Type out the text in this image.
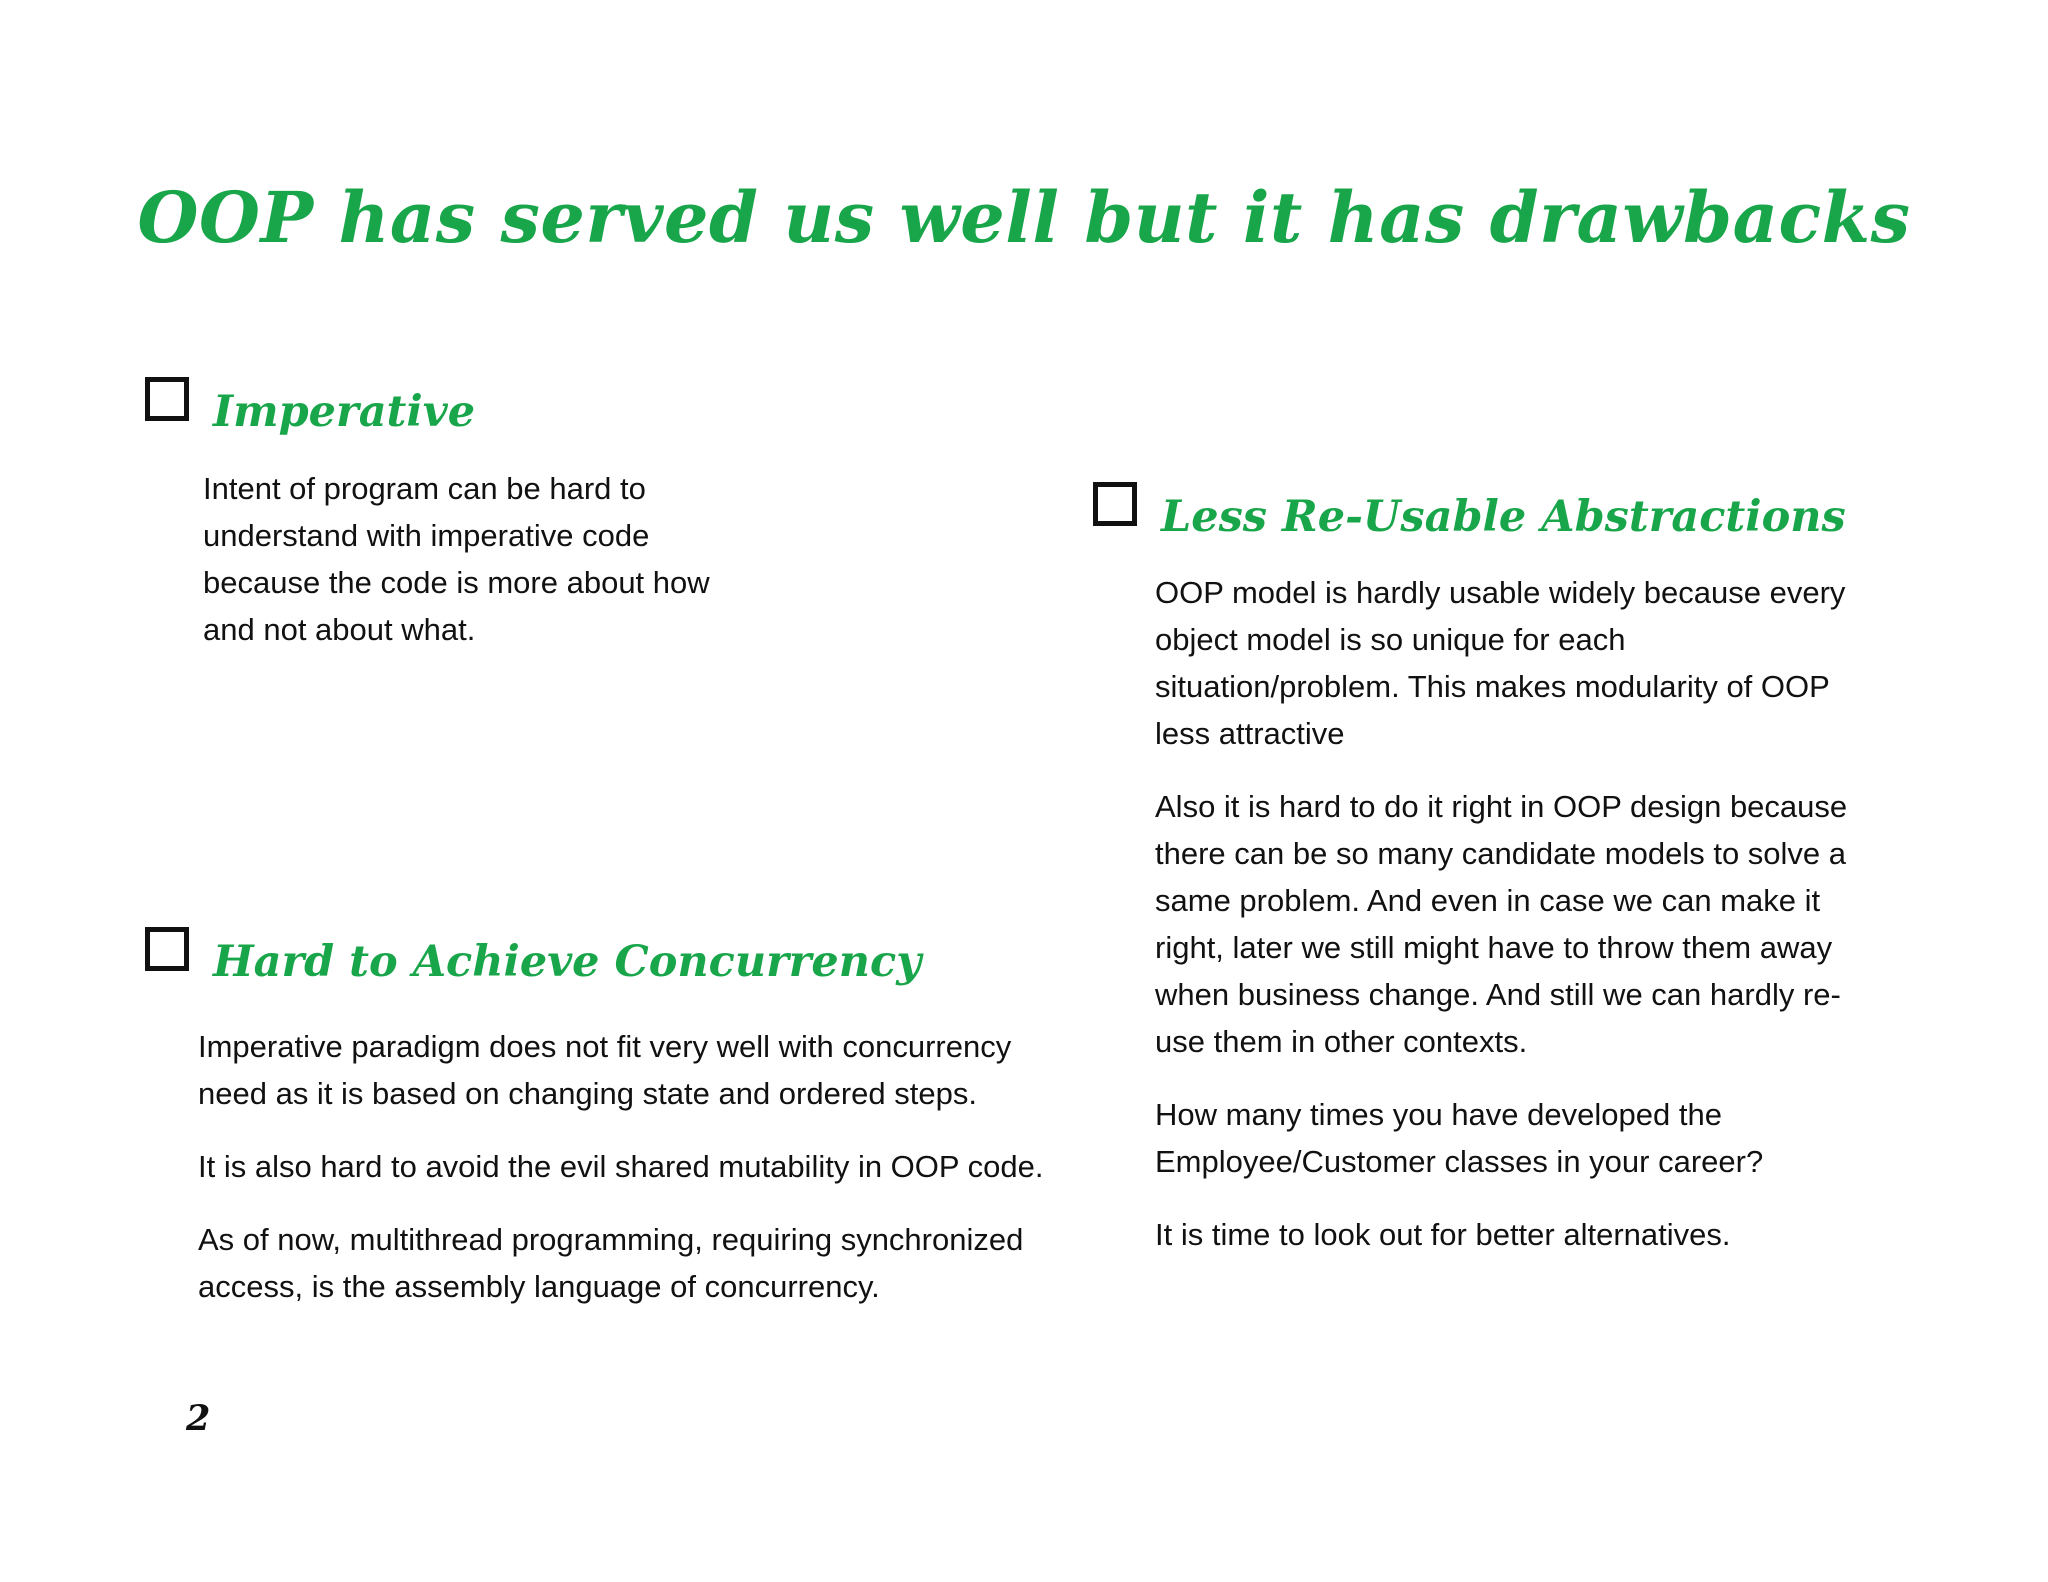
OOP has served us well but it has drawbacks
Imperative

Intent of program can be hard to understand with imperative code because the code is more about how and not about what.

Hard to Achieve Concurrency

Imperative paradigm does not fit very well with concurrency need as it is based on changing state and ordered steps.

It is also hard to avoid the evil shared mutability in OOP code.

As of now, multithread programming, requiring synchronized access, is the assembly language of concurrency.

Less Re-Usable Abstractions

OOP model is hardly usable widely because every object model is so unique for each situation/problem. This makes modularity of OOP less attractive

Also it is hard to do it right in OOP design because there can be so many candidate models to solve a same problem. And even in case we can make it right, later we still might have to throw them away when business change. And still we can hardly re-use them in other contexts.

How many times you have developed the Employee/Customer classes in your career?

It is time to look out for better alternatives.

2
